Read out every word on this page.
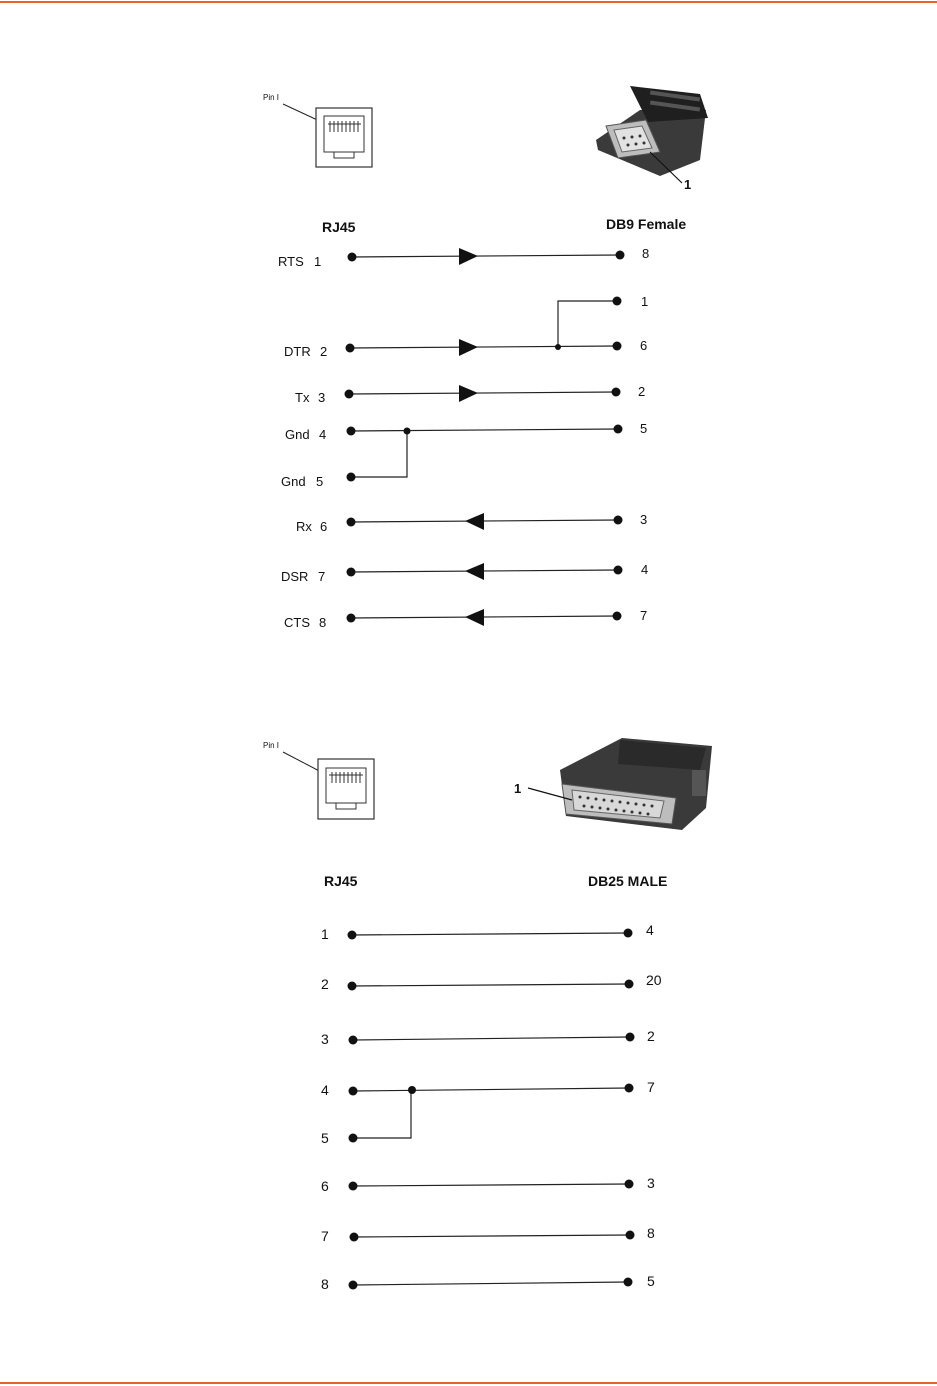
Pin I
1
RJ45	DB9 Female
RTS 1
DTR 2
Tx 3
Gnd 4
Gnd 5
Rx 6
DSR 7
CTS 8
8
1
6
2
5
3
4
7
Pin I
1
RJ45	DB25 MALE
1
2
3
4
5
6
7
8
4
20
2
7
3
8
5
